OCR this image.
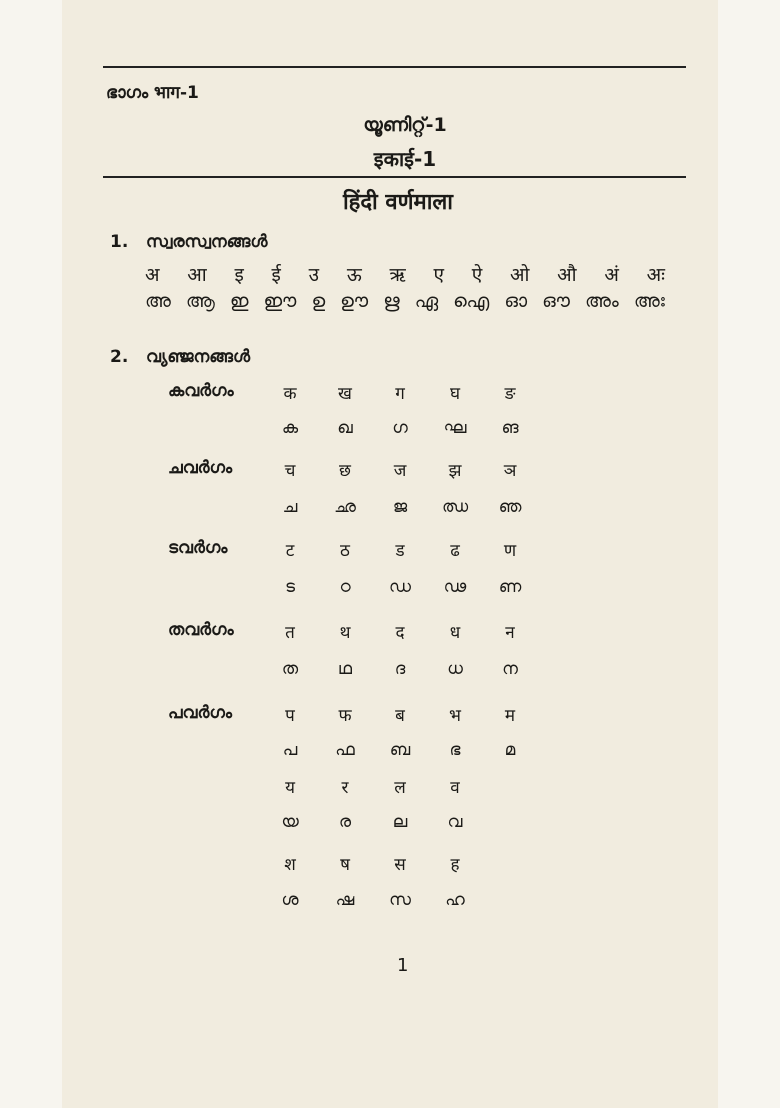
ഭാഗം भाग-1
യൂണിറ്റ്-1
इकाई-1
हिंदी वर्णमाला
1.   സ്വരസ്വനങ്ങൾ
अ आ इ ई उ ऊ ऋ ए ऐ ओ औ अं अः
അ ആ ഇ ഈ ഉ ഊ ഋ ഏ ഐ ഓ ഔ അം അഃ
2.   വ്യഞ്ജനങ്ങൾ
കവർഗം	क ख	ग	घ	ङ
ക ഖ ഗ ഘ ങ
ചവർഗം	च	छ	ज झ ञ
ച ഛ ജ ഝ ഞ
ടവർഗം	ट	ठ	ड	ढ	ण
ട	ഠ ഡ ഢ ണ
തവർഗം	त	थ	द	ध	न
ത ഥ	ദ ധ ന
പവർഗം	प	फ	ब	भ	म
പ ഫ ബ ഭ	മ
य	र	ल	व
യ ര ല വ
श	ष	स	ह
ശ ഷ സ ഹ
1
